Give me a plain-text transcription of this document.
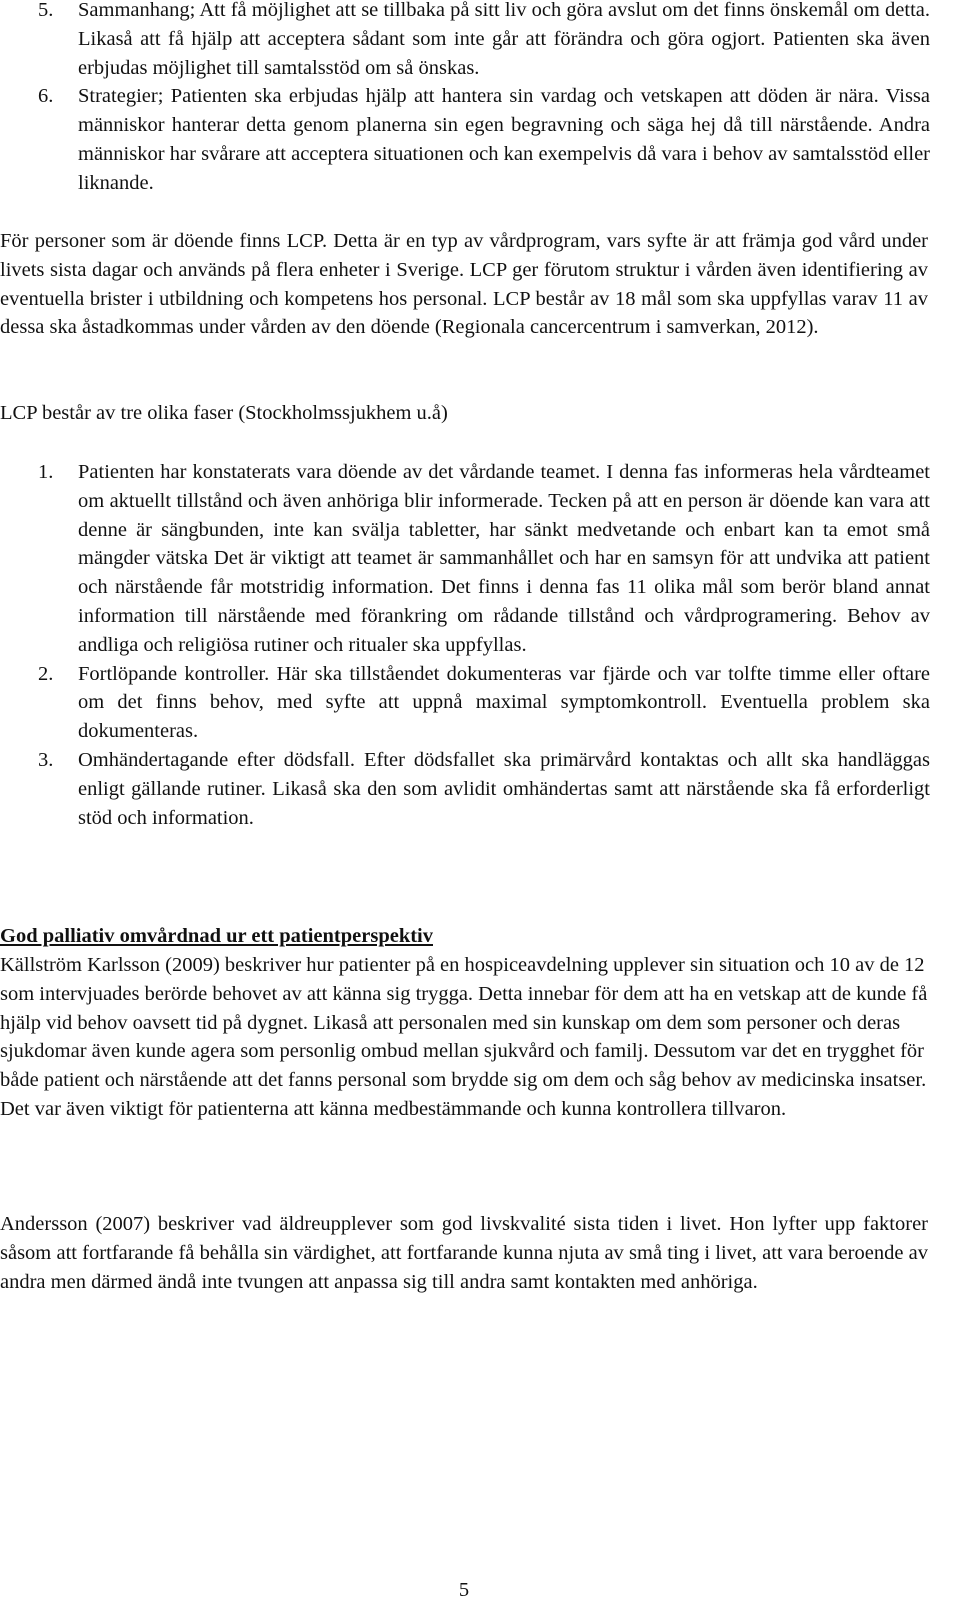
5. Sammanhang; Att få möjlighet att se tillbaka på sitt liv och göra avslut om det finns önskemål om detta. Likaså att få hjälp att acceptera sådant som inte går att förändra och göra ogjort. Patienten ska även erbjudas möjlighet till samtalsstöd om så önskas.
6. Strategier; Patienten ska erbjudas hjälp att hantera sin vardag och vetskapen att döden är nära. Vissa människor hanterar detta genom planerna sin egen begravning och säga hej då till närstående. Andra människor har svårare att acceptera situationen och kan exempelvis då vara i behov av samtalsstöd eller liknande.

För personer som är döende finns LCP. Detta är en typ av vårdprogram, vars syfte är att främja god vård under livets sista dagar och används på flera enheter i Sverige. LCP ger förutom struktur i vården även identifiering av eventuella brister i utbildning och kompetens hos personal. LCP består av 18 mål som ska uppfyllas varav 11 av dessa ska åstadkommas under vården av den döende (Regionala cancercentrum i samverkan, 2012).

LCP består av tre olika faser (Stockholmssjukhem u.å)

1. Patienten har konstaterats vara döende av det vårdande teamet. I denna fas informeras hela vårdteamet om aktuellt tillstånd och även anhöriga blir informerade. Tecken på att en person är döende kan vara att denne är sängbunden, inte kan svälja tabletter, har sänkt medvetande och enbart kan ta emot små mängder vätska Det är viktigt att teamet är sammanhållet och har en samsyn för att undvika att patient och närstående får motstridig information. Det finns i denna fas 11 olika mål som berör bland annat information till närstående med förankring om rådande tillstånd och vårdprogramering. Behov av andliga och religiösa rutiner och ritualer ska uppfyllas.
2. Fortlöpande kontroller. Här ska tillståendet dokumenteras var fjärde och var tolfte timme eller oftare om det finns behov, med syfte att uppnå maximal symptomkontroll. Eventuella problem ska dokumenteras.
3. Omhändertagande efter dödsfall. Efter dödsfallet ska primärvård kontaktas och allt ska handläggas enligt gällande rutiner. Likaså ska den som avlidit omhändertas samt att närstående ska få erforderligt stöd och information.
God palliativ omvårdnad ur ett patientperspektiv

Källström Karlsson (2009) beskriver hur patienter på en hospiceavdelning upplever sin situation och 10 av de 12 som intervjuades berörde behovet av att känna sig trygga. Detta innebar för dem att ha en vetskap att de kunde få hjälp vid behov oavsett tid på dygnet. Likaså att personalen med sin kunskap om dem som personer och deras sjukdomar även kunde agera som personlig ombud mellan sjukvård och familj. Dessutom var det en trygghet för både patient och närstående att det fanns personal som brydde sig om dem och såg behov av medicinska insatser. Det var även viktigt för patienterna att känna medbestämmande och kunna kontrollera tillvaron.

Andersson (2007) beskriver vad äldreupplever som god livskvalité sista tiden i livet. Hon lyfter upp faktorer såsom att fortfarande få behålla sin värdighet, att fortfarande kunna njuta av små ting i livet, att vara beroende av andra men därmed ändå inte tvungen att anpassa sig till andra samt kontakten med anhöriga.

5
